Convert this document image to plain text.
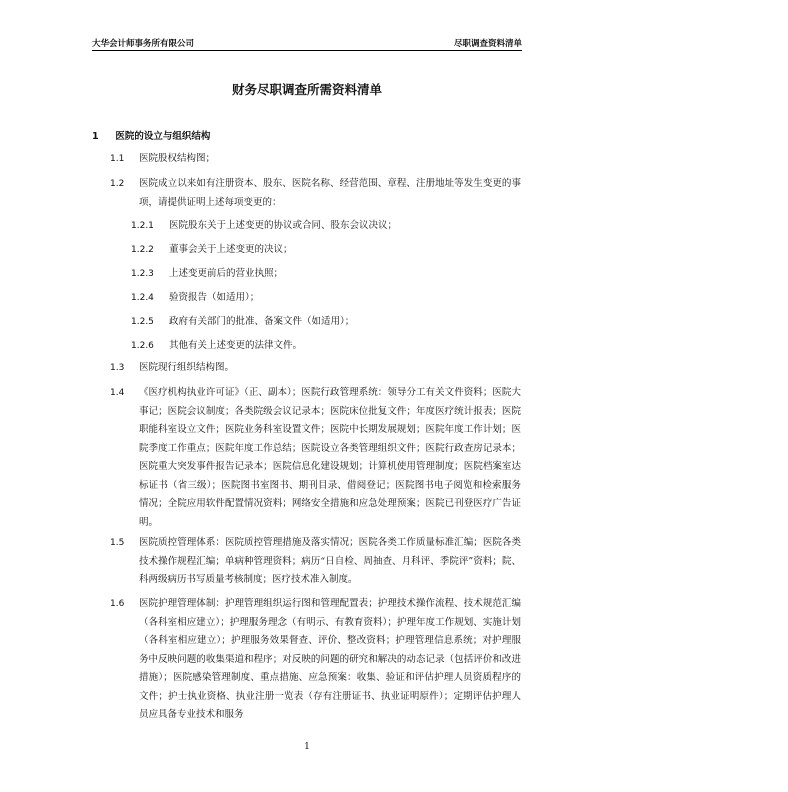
大华会计师事务所有限公司	尽职调查资料清单
财务尽职调查所需资料清单
1 医院的设立与组织结构
1.1 医院股权结构图；
1.2 医院成立以来如有注册资本、股东、医院名称、经营范围、章程、注册地址等发生变更的事项，请提供证明上述每项变更的：
1.2.1 医院股东关于上述变更的协议或合同、股东会议决议；
1.2.2 董事会关于上述变更的决议；
1.2.3 上述变更前后的营业执照；
1.2.4 验资报告（如适用）；
1.2.5 政府有关部门的批准、备案文件（如适用）；
1.2.6 其他有关上述变更的法律文件。
1.3 医院现行组织结构图。
1.4 《医疗机构执业许可证》（正、副本）；医院行政管理系统：领导分工有关文件资料；医院大事记；医院会议制度；各类院级会议记录本；医院床位批复文件；年度医疗统计报表；医院职能科室设立文件；医院业务科室设置文件；医院中长期发展规划；医院年度工作计划；医院季度工作重点；医院年度工作总结；医院设立各类管理组织文件；医院行政查房记录本；医院重大突发事件报告记录本；医院信息化建设规划；计算机使用管理制度；医院档案室达标证书（省三级）；医院图书室图书、期刊目录、借阅登记；医院图书电子阅览和检索服务情况；全院应用软件配置情况资料；网络安全措施和应急处理预案；医院已刊登医疗广告证明。
1.5 医院质控管理体系：医院质控管理措施及落实情况；医院各类工作质量标准汇编；医院各类技术操作规程汇编；单病种管理资料；病历“日自检、周抽查、月科评、季院评”资料；院、科两级病历书写质量考核制度；医疗技术准入制度。
1.6 医院护理管理体制：护理管理组织运行图和管理配置表；护理技术操作流程、技术规范汇编（各科室相应建立）；护理服务理念（有明示、有教育资料）；护理年度工作规划、实施计划（各科室相应建立）；护理服务效果督查、评价、整改资料；护理管理信息系统；对护理服务中反映问题的收集渠道和程序；对反映的问题的研究和解决的动态记录（包括评价和改进措施）；医院感染管理制度、重点措施、应急预案：收集、验证和评估护理人员资质程序的文件；护士执业资格、执业注册一览表（存有注册证书、执业证明原件）；定期评估护理人员应具备专业技术和服务
1
